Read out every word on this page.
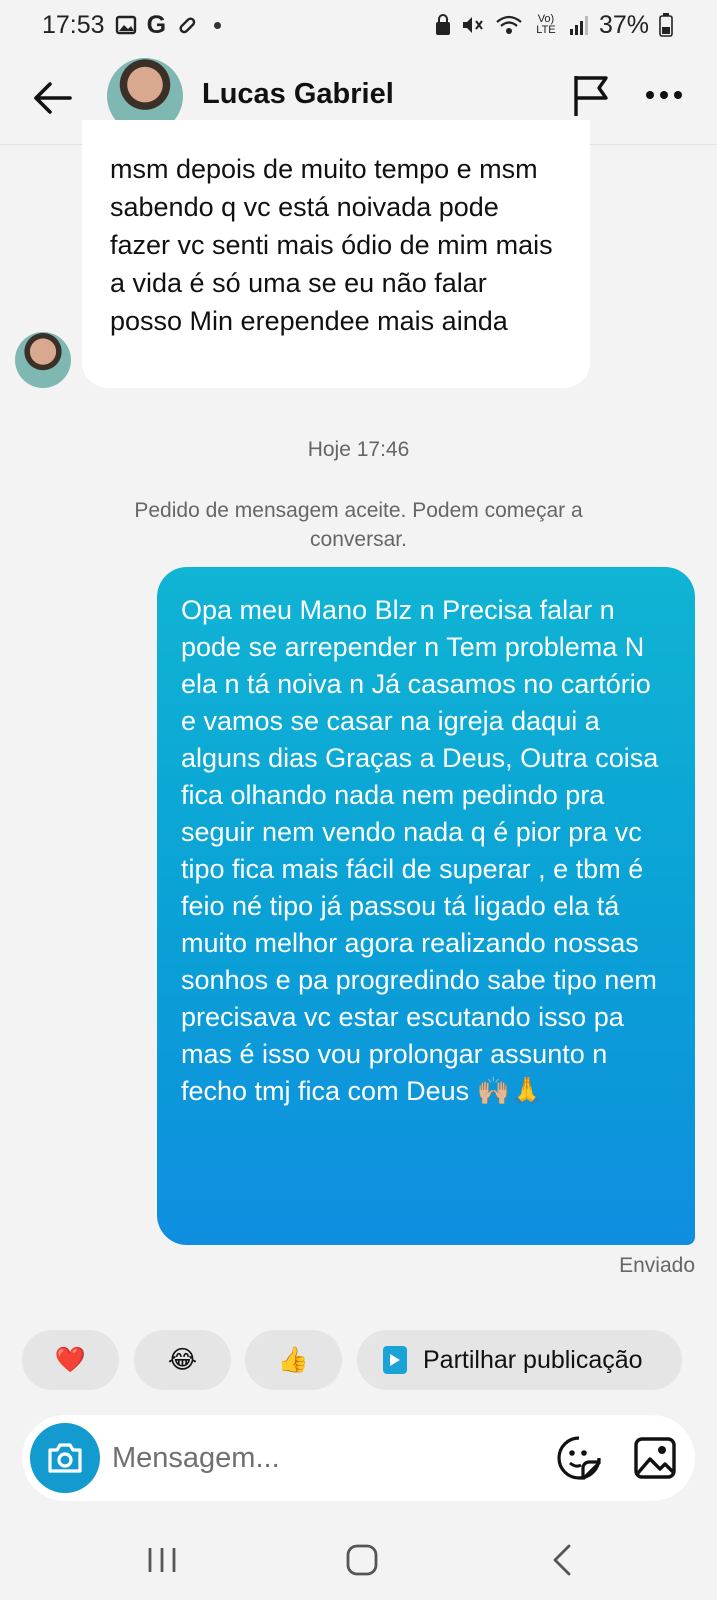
17:53 G	Vo) LTE 37%
Lucas Gabriel
msm depois de muito tempo e msm sabendo q vc está noivada pode fazer vc senti mais ódio de mim mais a vida é só uma se eu não falar posso Min erependee mais ainda
Hoje 17:46
Pedido de mensagem aceite. Podem começar a conversar.
Opa meu Mano Blz n Precisa falar n pode se arrepender n Tem problema N ela n tá noiva n Já casamos no cartório e vamos se casar na igreja daqui a alguns dias Graças a Deus, Outra coisa fica olhando nada nem pedindo pra seguir nem vendo nada q é pior pra vc tipo fica mais fácil de superar , e tbm é feio né tipo já passou tá ligado ela tá muito melhor agora realizando nossas sonhos e pa progredindo sabe tipo nem precisava vc estar escutando isso pa mas é isso vou prolongar assunto n fecho tmj fica com Deus 🙌🏼🙏
Enviado
❤️	😂	👍	Partilhar publicação
Mensagem...
